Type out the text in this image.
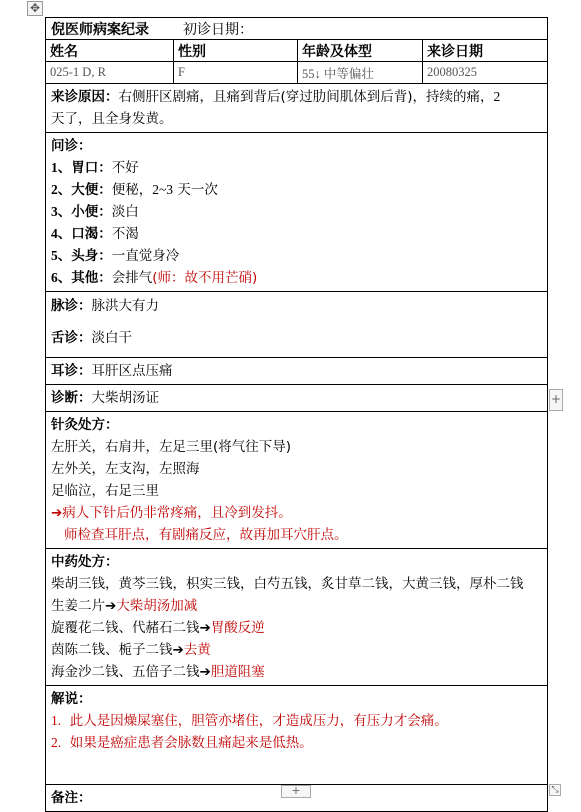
✥
倪医师病案纪录 初诊日期：
姓名	性别	年龄及体型	来诊日期
025-1 D, R	F	55↓ 中等偏壮	20080325
来诊原因：右侧肝区剧痛，且痛到背后(穿过肋间肌体到后背)，持续的痛，2
天了，且全身发黄。
问诊：
1、胃口：不好
2、大便：便秘，2~3 天一次
3、小便：淡白
4、口渴：不渴
5、头身：一直觉身冷
6、其他：会排气(师：故不用芒硝)
脉诊：脉洪大有力
舌诊：淡白干
耳诊：耳肝区点压痛
诊断：大柴胡汤证
针灸处方：
左肝关，右肩井，左足三里(将气往下导)
左外关，左支沟，左照海
足临泣，右足三里
➔病人下针后仍非常疼痛，且冷到发抖。
师检查耳肝点，有剧痛反应，故再加耳穴肝点。
中药处方：
柴胡三钱，黄芩三钱，枳实三钱，白芍五钱，炙甘草二钱，大黄三钱，厚朴二钱
生姜二片➔大柴胡汤加减
旋覆花二钱、代赭石二钱➔胃酸反逆
茵陈二钱、栀子二钱➔去黄
海金沙二钱、五倍子二钱➔胆道阻塞
解说：
1. 此人是因燥屎塞住，胆管亦堵住，才造成压力，有压力才会痛。
2. 如果是癌症患者会脉数且痛起来是低热。
备注：
+
+	⤡
